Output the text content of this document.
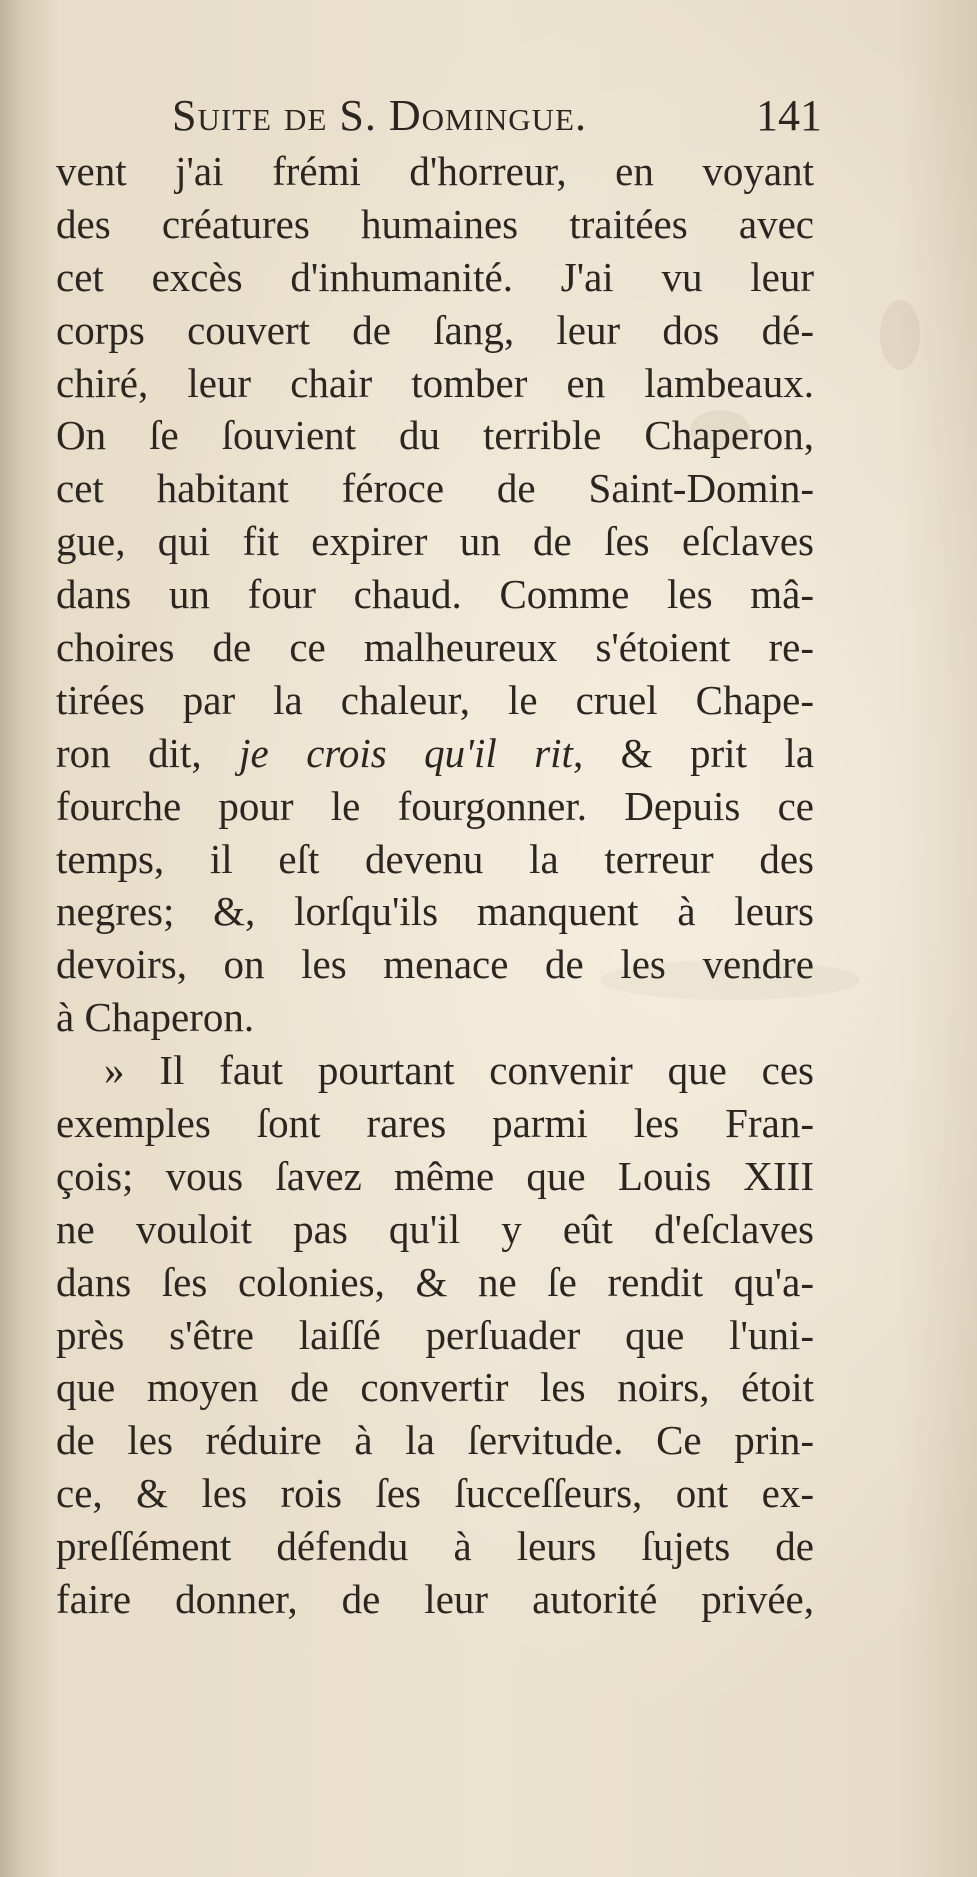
Suite de S. Domingue.	141
vent j'ai frémi d'horreur, en voyant
des créatures humaines traitées avec
cet excès d'inhumanité. J'ai vu leur
corps couvert de ſang, leur dos dé-
chiré, leur chair tomber en lambeaux.
On ſe ſouvient du terrible Chaperon,
cet habitant féroce de Saint-Domin-
gue, qui fit expirer un de ſes eſclaves
dans un four chaud. Comme les mâ-
choires de ce malheureux s'étoient re-
tirées par la chaleur, le cruel Chape-
ron dit, je crois qu'il rit, & prit la
fourche pour le fourgonner. Depuis ce
temps, il eſt devenu la terreur des
negres; &, lorſqu'ils manquent à leurs
devoirs, on les menace de les vendre
à Chaperon.
» Il faut pourtant convenir que ces
exemples ſont rares parmi les Fran-
çois; vous ſavez même que Louis XIII
ne vouloit pas qu'il y eût d'eſclaves
dans ſes colonies, & ne ſe rendit qu'a-
près s'être laiſſé perſuader que l'uni-
que moyen de convertir les noirs, étoit
de les réduire à la ſervitude. Ce prin-
ce, & les rois ſes ſucceſſeurs, ont ex-
preſſément défendu à leurs ſujets de
faire donner, de leur autorité privée,
